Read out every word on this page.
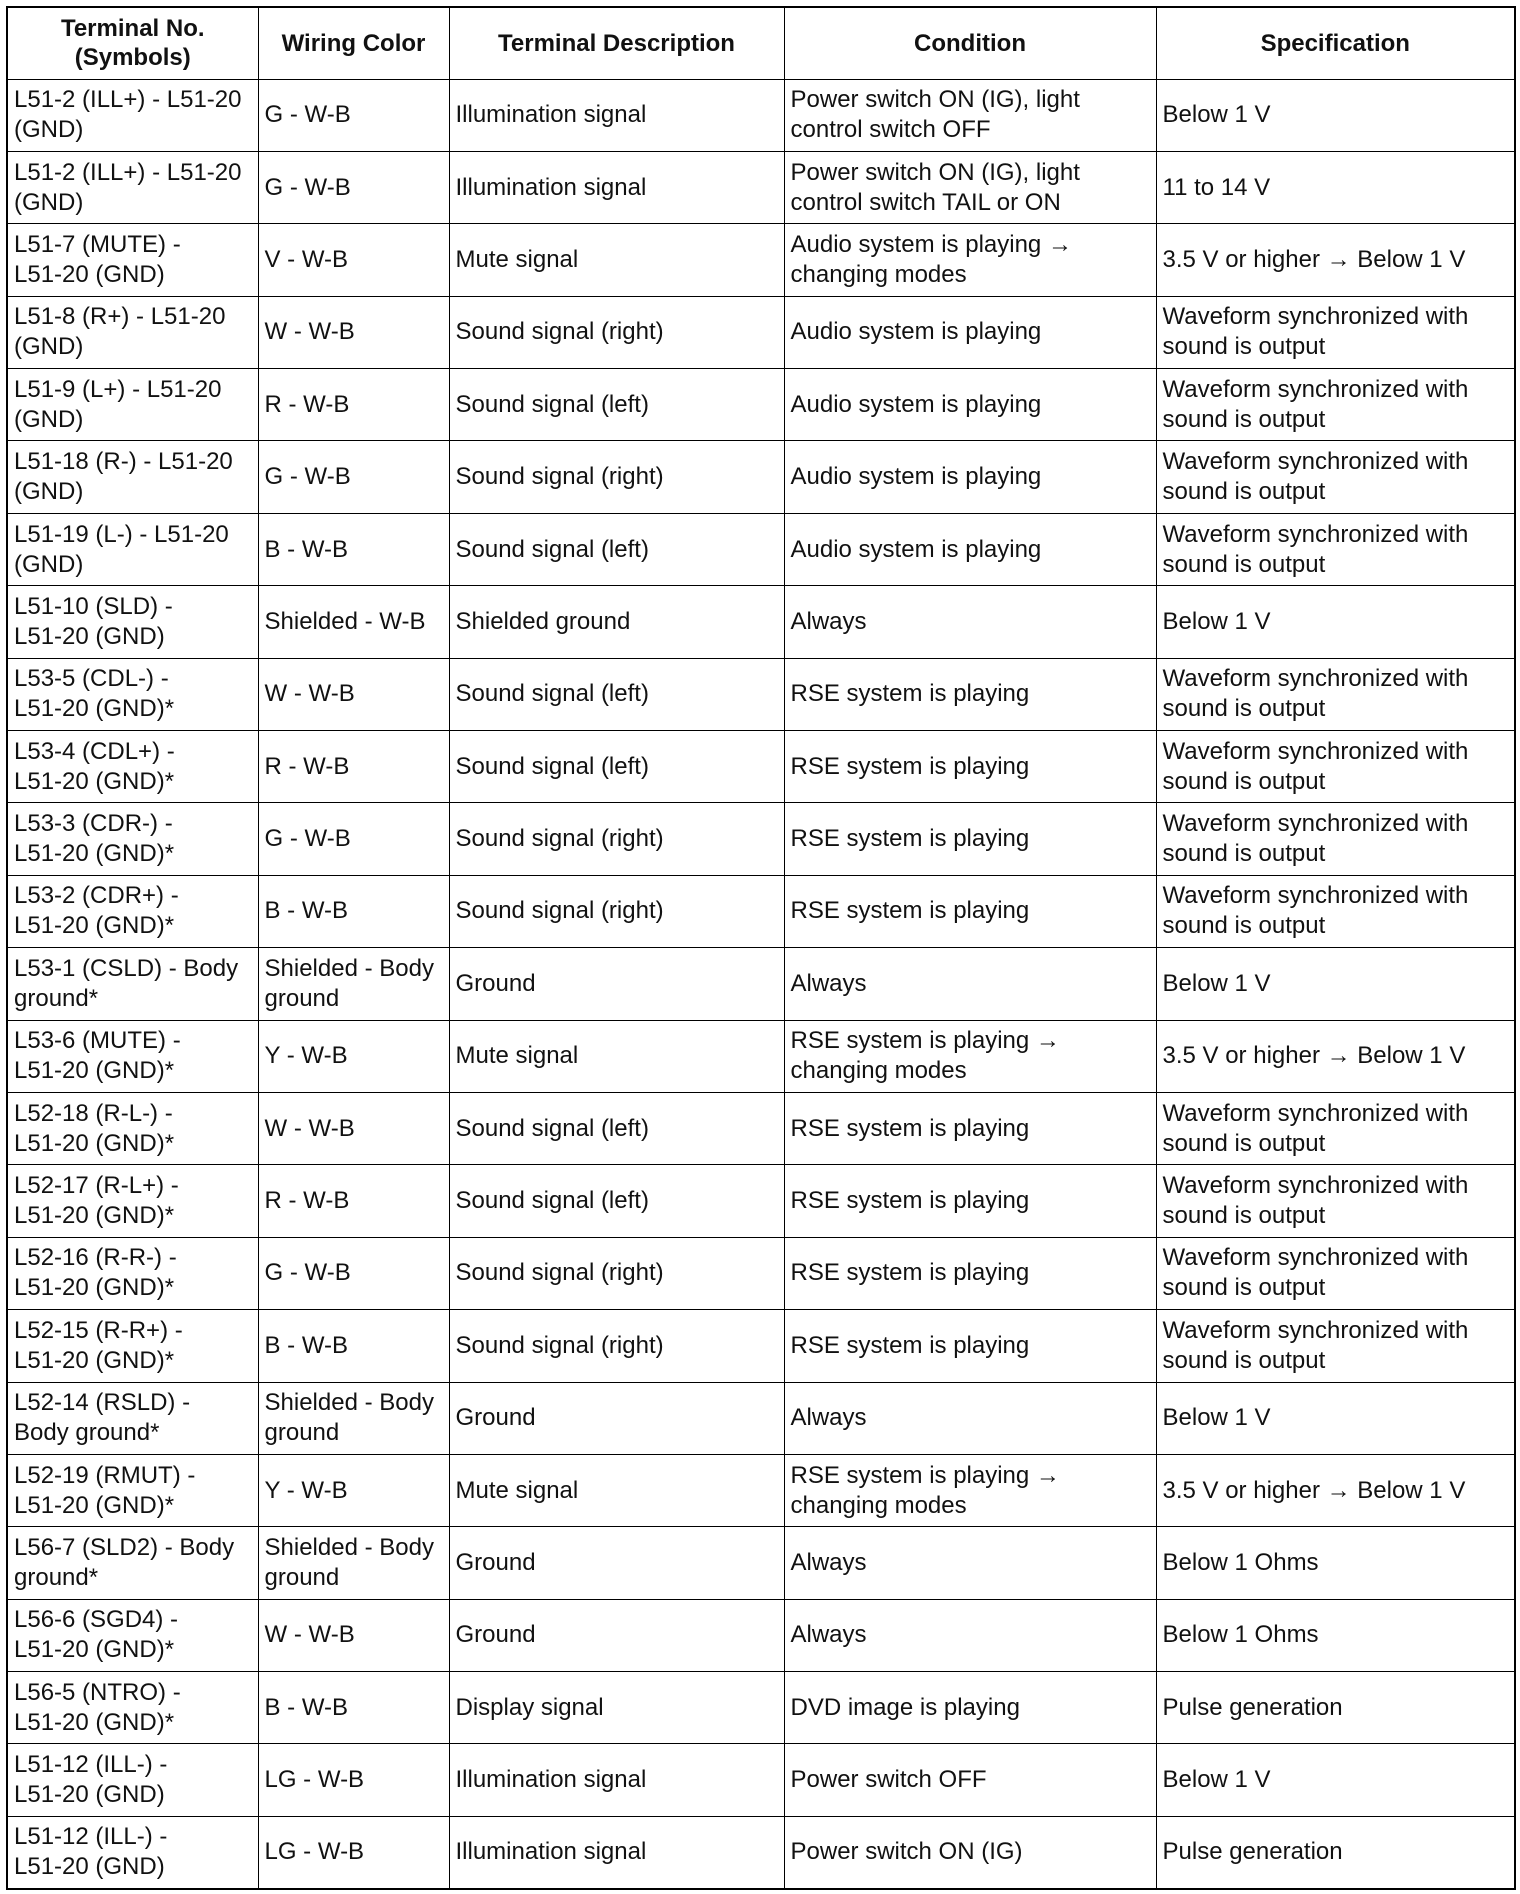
Terminal No.
(Symbols)	Wiring Color	Terminal Description	Condition	Specification

L51-2 (ILL+) - L51-20
(GND)	G - W-B	Illumination signal	Power switch ON (IG), light
control switch OFF	Below 1 V

L51-2 (ILL+) - L51-20
(GND)	G - W-B	Illumination signal	Power switch ON (IG), light
control switch TAIL or ON	11 to 14 V

L51-7 (MUTE) -
L51-20 (GND)	V - W-B	Mute signal	Audio system is playing →
changing modes	3.5 V or higher → Below 1 V

L51-8 (R+) - L51-20
(GND)	W - W-B	Sound signal (right)	Audio system is playing	Waveform synchronized with
sound is output

L51-9 (L+) - L51-20
(GND)	R - W-B	Sound signal (left)	Audio system is playing	Waveform synchronized with
sound is output

L51-18 (R-) - L51-20
(GND)	G - W-B	Sound signal (right)	Audio system is playing	Waveform synchronized with
sound is output

L51-19 (L-) - L51-20
(GND)	B - W-B	Sound signal (left)	Audio system is playing	Waveform synchronized with
sound is output

L51-10 (SLD) -
L51-20 (GND)	Shielded - W-B	Shielded ground	Always	Below 1 V

L53-5 (CDL-) -
L51-20 (GND)*	W - W-B	Sound signal (left)	RSE system is playing	Waveform synchronized with
sound is output

L53-4 (CDL+) -
L51-20 (GND)*	R - W-B	Sound signal (left)	RSE system is playing	Waveform synchronized with
sound is output

L53-3 (CDR-) -
L51-20 (GND)*	G - W-B	Sound signal (right)	RSE system is playing	Waveform synchronized with
sound is output

L53-2 (CDR+) -
L51-20 (GND)*	B - W-B	Sound signal (right)	RSE system is playing	Waveform synchronized with
sound is output

L53-1 (CSLD) - Body
ground*	Shielded - Body
ground	Ground	Always	Below 1 V

L53-6 (MUTE) -
L51-20 (GND)*	Y - W-B	Mute signal	RSE system is playing →
changing modes	3.5 V or higher → Below 1 V

L52-18 (R-L-) -
L51-20 (GND)*	W - W-B	Sound signal (left)	RSE system is playing	Waveform synchronized with
sound is output

L52-17 (R-L+) -
L51-20 (GND)*	R - W-B	Sound signal (left)	RSE system is playing	Waveform synchronized with
sound is output

L52-16 (R-R-) -
L51-20 (GND)*	G - W-B	Sound signal (right)	RSE system is playing	Waveform synchronized with
sound is output

L52-15 (R-R+) -
L51-20 (GND)*	B - W-B	Sound signal (right)	RSE system is playing	Waveform synchronized with
sound is output

L52-14 (RSLD) -
Body ground*	Shielded - Body
ground	Ground	Always	Below 1 V

L52-19 (RMUT) -
L51-20 (GND)*	Y - W-B	Mute signal	RSE system is playing →
changing modes	3.5 V or higher → Below 1 V

L56-7 (SLD2) - Body
ground*	Shielded - Body
ground	Ground	Always	Below 1 Ohms

L56-6 (SGD4) -
L51-20 (GND)*	W - W-B	Ground	Always	Below 1 Ohms

L56-5 (NTRO) -
L51-20 (GND)*	B - W-B	Display signal	DVD image is playing	Pulse generation

L51-12 (ILL-) -
L51-20 (GND)	LG - W-B	Illumination signal	Power switch OFF	Below 1 V

L51-12 (ILL-) -
L51-20 (GND)	LG - W-B	Illumination signal	Power switch ON (IG)	Pulse generation
